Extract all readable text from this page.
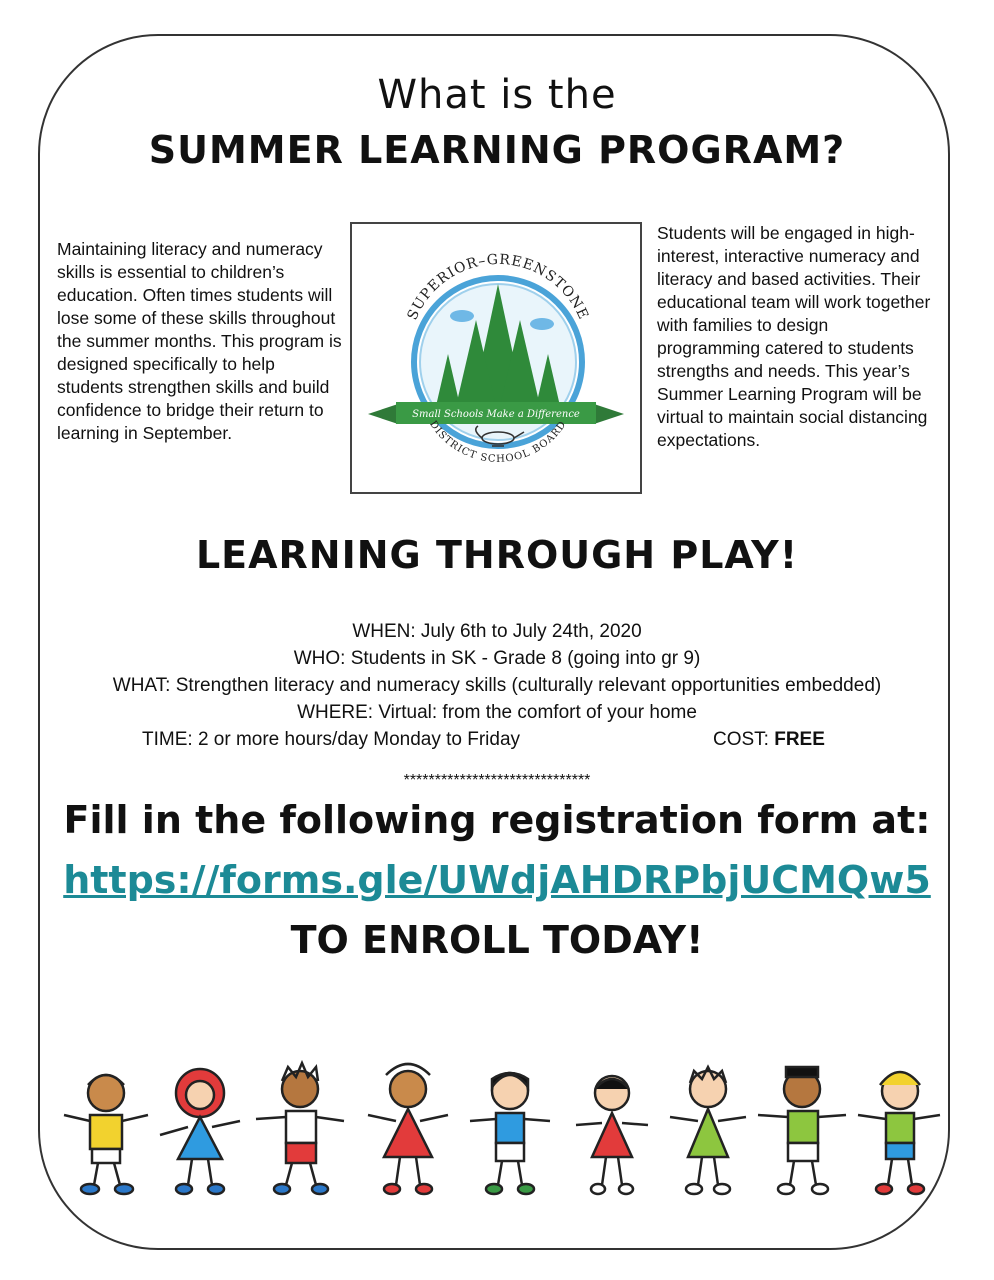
What is the
SUMMER LEARNING PROGRAM?
Maintaining literacy and numeracy skills is essential to children’s education. Often times students will lose some of these skills throughout the summer months. This program is designed specifically to help students strengthen skills and build confidence to bridge their return to learning in September.
Small Schools Make a Difference
SUPERIOR–GREENSTONE
DISTRICT SCHOOL BOARD
Students will be engaged in high-interest, interactive numeracy and literacy and based activities. Their educational team will work together with families to design programming catered to students strengths and needs. This year’s Summer Learning Program will be virtual to maintain social distancing expectations.
LEARNING THROUGH PLAY!
WHEN: July 6th to July 24th, 2020
WHO: Students in SK - Grade 8 (going into gr 9)
WHAT: Strengthen literacy and numeracy skills (culturally relevant opportunities embedded)
WHERE: Virtual: from the comfort of your home
TIME: 2 or more hours/day Monday to Friday	COST: FREE
******************************
Fill in the following registration form at:
https://forms.gle/UWdjAHDRPbjUCMQw5
TO ENROLL TODAY!
